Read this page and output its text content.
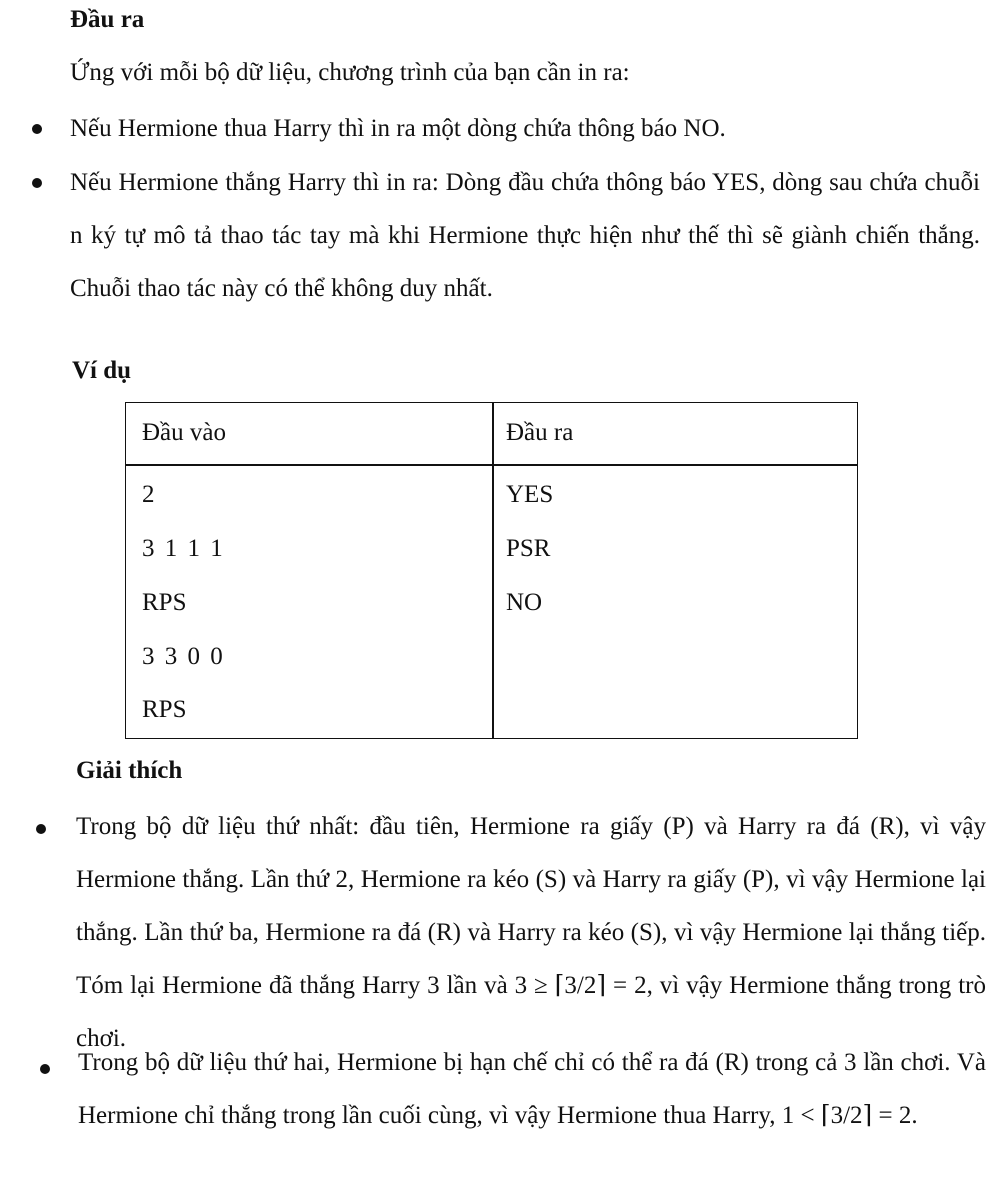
Đầu ra
Ứng với mỗi bộ dữ liệu, chương trình của bạn cần in ra:
Nếu Hermione thua Harry thì in ra một dòng chứa thông báo NO.
Nếu Hermione thắng Harry thì in ra: Dòng đầu chứa thông báo YES, dòng sau chứa chuỗi n ký tự mô tả thao tác tay mà khi Hermione thực hiện như thế thì sẽ giành chiến thắng. Chuỗi thao tác này có thể không duy nhất.
Ví dụ
Đầu vào	Đầu ra
2
3 1 1 1
RPS
3 3 0 0
RPS
YES
PSR
NO
Giải thích
Trong bộ dữ liệu thứ nhất: đầu tiên, Hermione ra giấy (P) và Harry ra đá (R), vì vậy Hermione thắng. Lần thứ 2, Hermione ra kéo (S) và Harry ra giấy (P), vì vậy Hermione lại thắng. Lần thứ ba, Hermione ra đá (R) và Harry ra kéo (S), vì vậy Hermione lại thắng tiếp. Tóm lại Hermione đã thắng Harry 3 lần và 3 ≥ ⌈3/2⌉ = 2, vì vậy Hermione thắng trong trò chơi.
Trong bộ dữ liệu thứ hai, Hermione bị hạn chế chỉ có thể ra đá (R) trong cả 3 lần chơi. Và Hermione chỉ thắng trong lần cuối cùng, vì vậy Hermione thua Harry, 1 < ⌈3/2⌉ = 2.
